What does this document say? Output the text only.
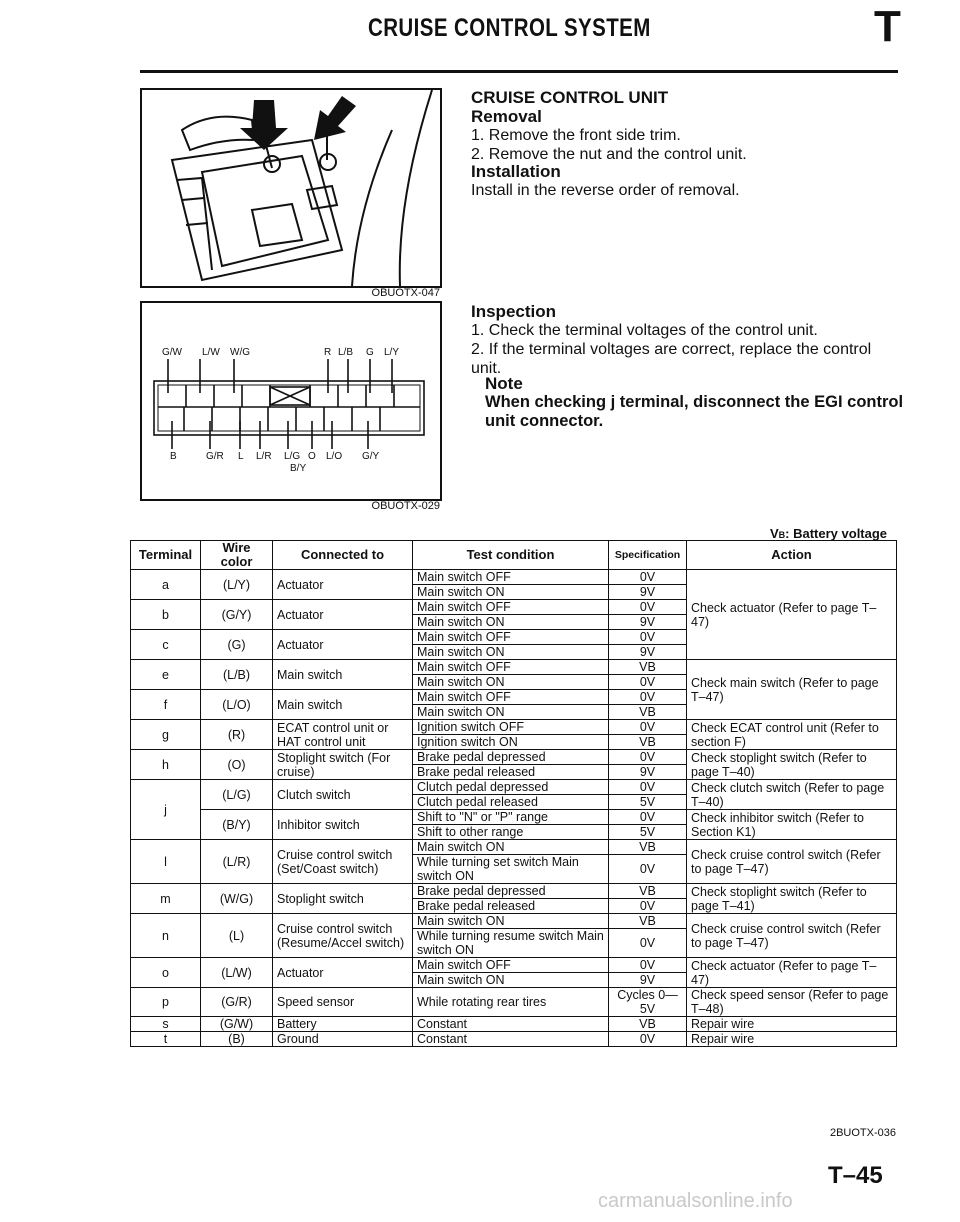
CRUISE CONTROL SYSTEM	T
OBUOTX-047
G/W L/W W/G	R L/B G L/Y
B	G/R L L/R L/G O L/O G/Y
B/Y
OBUOTX-029
CRUISE CONTROL UNIT
Removal
1. Remove the front side trim.
2. Remove the nut and the control unit.
Installation
Install in the reverse order of removal.
Inspection
1. Check the terminal voltages of the control unit.
2. If the terminal voltages are correct, replace the control unit.
Note
When checking j terminal, disconnect the EGI control
unit connector.
VB: Battery voltage
Terminal	Wire color	Connected to	Test condition	Specification	Action
a	(L/Y)	Actuator	Main switch OFF	0V	Check actuator (Refer to page T–47)
Main switch ON	9V
b	(G/Y)	Actuator	Main switch OFF	0V
Main switch ON	9V
c	(G)	Actuator	Main switch OFF	0V
Main switch ON	9V
e	(L/B)	Main switch	Main switch OFF	VB	Check main switch (Refer to page T–47)
Main switch ON	0V
f	(L/O)	Main switch	Main switch OFF	0V
Main switch ON	VB
g	(R)	ECAT control unit or HAT control unit	Ignition switch OFF	0V	Check ECAT control unit (Refer to section F)
Ignition switch ON	VB
h	(O)	Stoplight switch (For cruise)	Brake pedal depressed	0V	Check stoplight switch (Refer to page T–40)
Brake pedal released	9V
j	(L/G)	Clutch switch	Clutch pedal depressed	0V	Check clutch switch (Refer to page T–40)
Clutch pedal released	5V
(B/Y)	Inhibitor switch	Shift to "N" or "P" range	0V	Check inhibitor switch (Refer to Section K1)
Shift to other range	5V
l	(L/R)	Cruise control switch (Set/Coast switch)	Main switch ON	VB	Check cruise control switch (Refer to page T–47)
While turning set switch Main switch ON	0V
m	(W/G)	Stoplight switch	Brake pedal depressed	VB	Check stoplight switch (Refer to page T–41)
Brake pedal released	0V
n	(L)	Cruise control switch (Resume/Accel switch)	Main switch ON	VB	Check cruise control switch (Refer to page T–47)
While turning resume switch Main switch ON	0V
o	(L/W)	Actuator	Main switch OFF	0V	Check actuator (Refer to page T–47)
Main switch ON	9V
p	(G/R)	Speed sensor	While rotating rear tires	Cycles 0—5V	Check speed sensor (Refer to page T–48)
s	(G/W)	Battery	Constant	VB	Repair wire
t	(B)	Ground	Constant	0V	Repair wire
2BUOTX-036
T–45
carmanualsonline.info
